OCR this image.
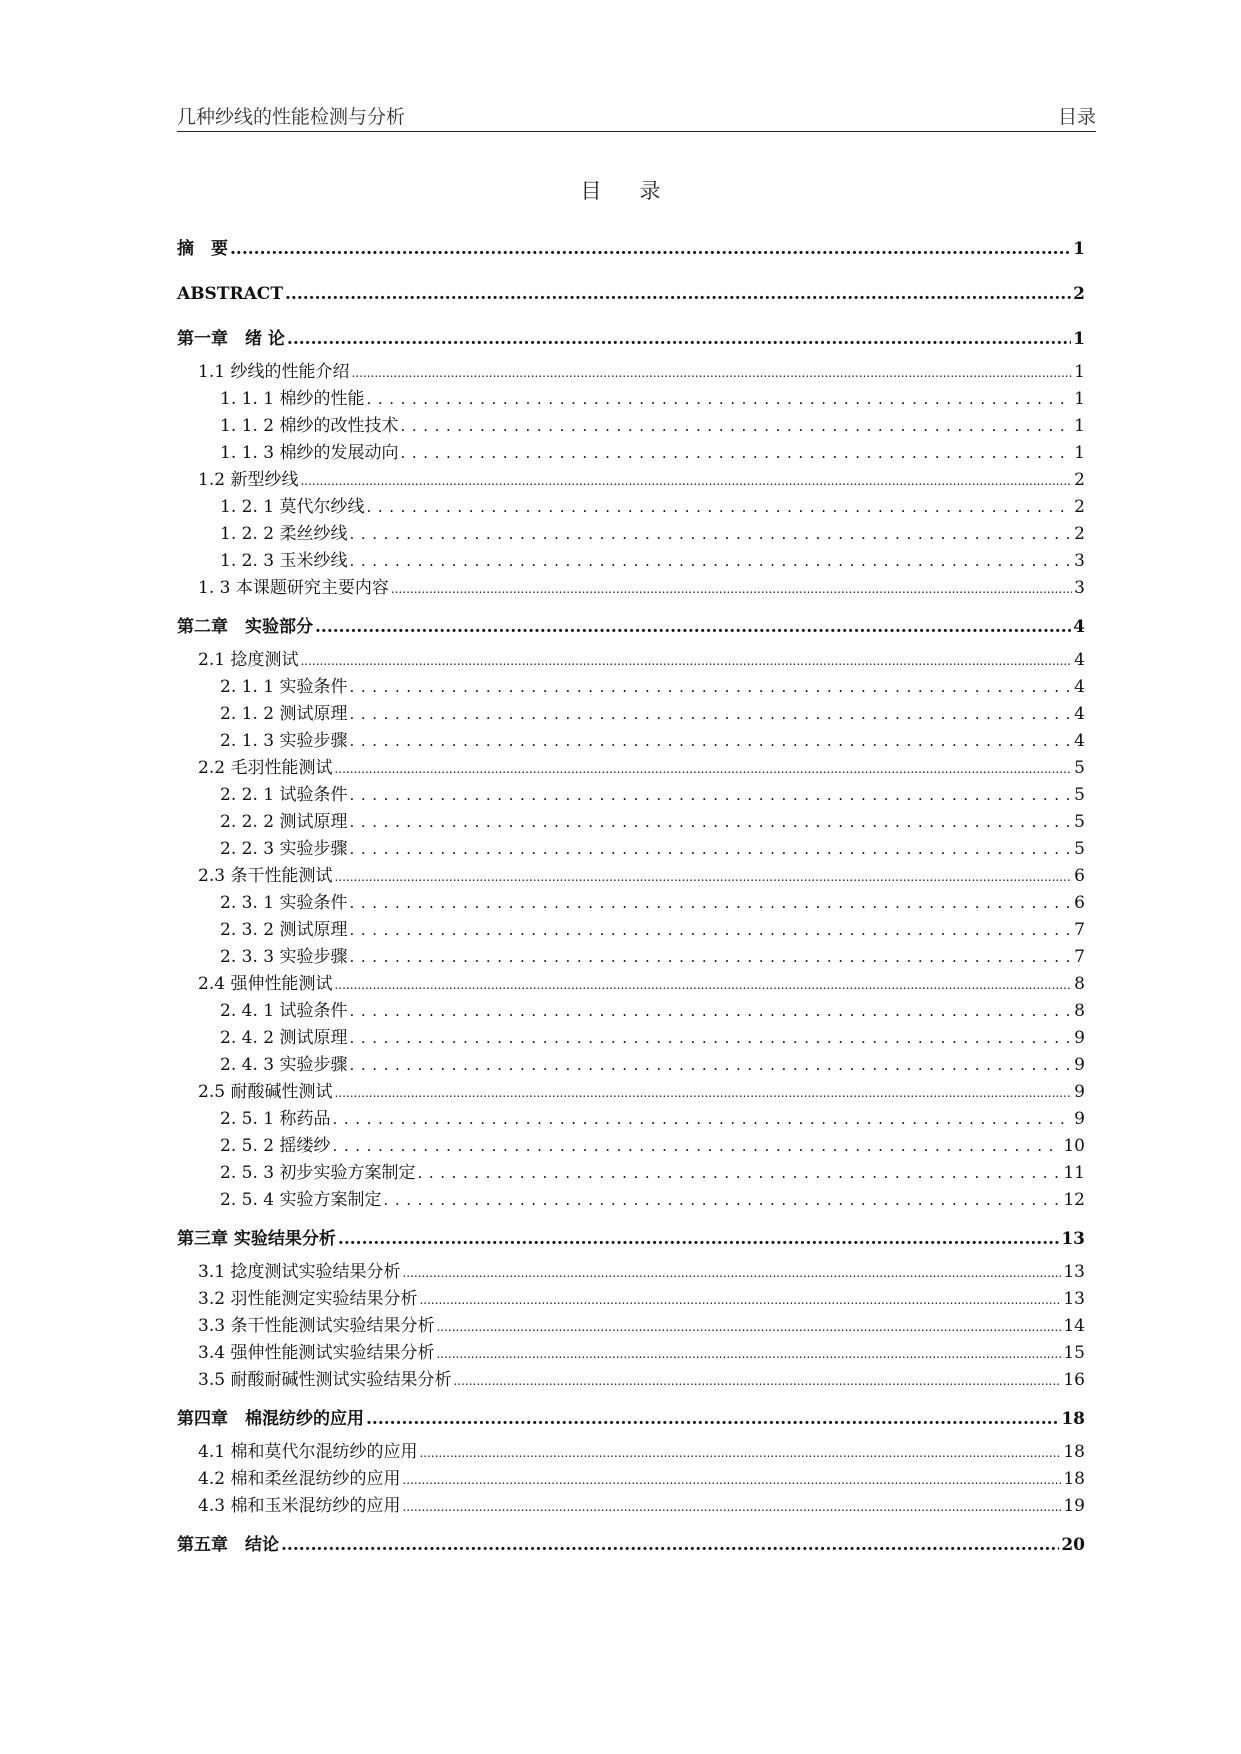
几种纱线的性能检测与分析	目录
目录
摘　要 .....	1
ABSTRACT .....	2
第一章　绪 论 .....	1
1.1 纱线的性能介绍 .....	1
1. 1. 1 棉纱的性能 .....	1
1. 1. 2 棉纱的改性技术 .....	1
1. 1. 3 棉纱的发展动向 .....	1
1.2 新型纱线 .....	2
1. 2. 1 莫代尔纱线 .....	2
1. 2. 2 柔丝纱线 .....	2
1. 2. 3 玉米纱线 .....	3
1. 3 本课题研究主要内容 .....	3
第二章　实验部分 .....	4
2.1 捻度测试 .....	4
2. 1. 1 实验条件 .....	4
2. 1. 2 测试原理 .....	4
2. 1. 3 实验步骤 .....	4
2.2 毛羽性能测试 .....	5
2. 2. 1 试验条件 .....	5
2. 2. 2 测试原理 .....	5
2. 2. 3 实验步骤 .....	5
2.3 条干性能测试 .....	6
2. 3. 1 实验条件 .....	6
2. 3. 2 测试原理 .....	7
2. 3. 3 实验步骤 .....	7
2.4 强伸性能测试 .....	8
2. 4. 1 试验条件 .....	8
2. 4. 2 测试原理 .....	9
2. 4. 3 实验步骤 .....	9
2.5 耐酸碱性测试 .....	9
2. 5. 1 称药品 .....	9
2. 5. 2 摇缕纱 .....	10
2. 5. 3 初步实验方案制定 .....	11
2. 5. 4 实验方案制定 .....	12
第三章 实验结果分析 .....	13
3.1 捻度测试实验结果分析 .....	13
3.2 羽性能测定实验结果分析 .....	13
3.3 条干性能测试实验结果分析 .....	14
3.4 强伸性能测试实验结果分析 .....	15
3.5 耐酸耐碱性测试实验结果分析 .....	16
第四章　棉混纺纱的应用 .....	18
4.1 棉和莫代尔混纺纱的应用 .....	18
4.2 棉和柔丝混纺纱的应用 .....	18
4.3 棉和玉米混纺纱的应用 .....	19
第五章　结论 .....	20
